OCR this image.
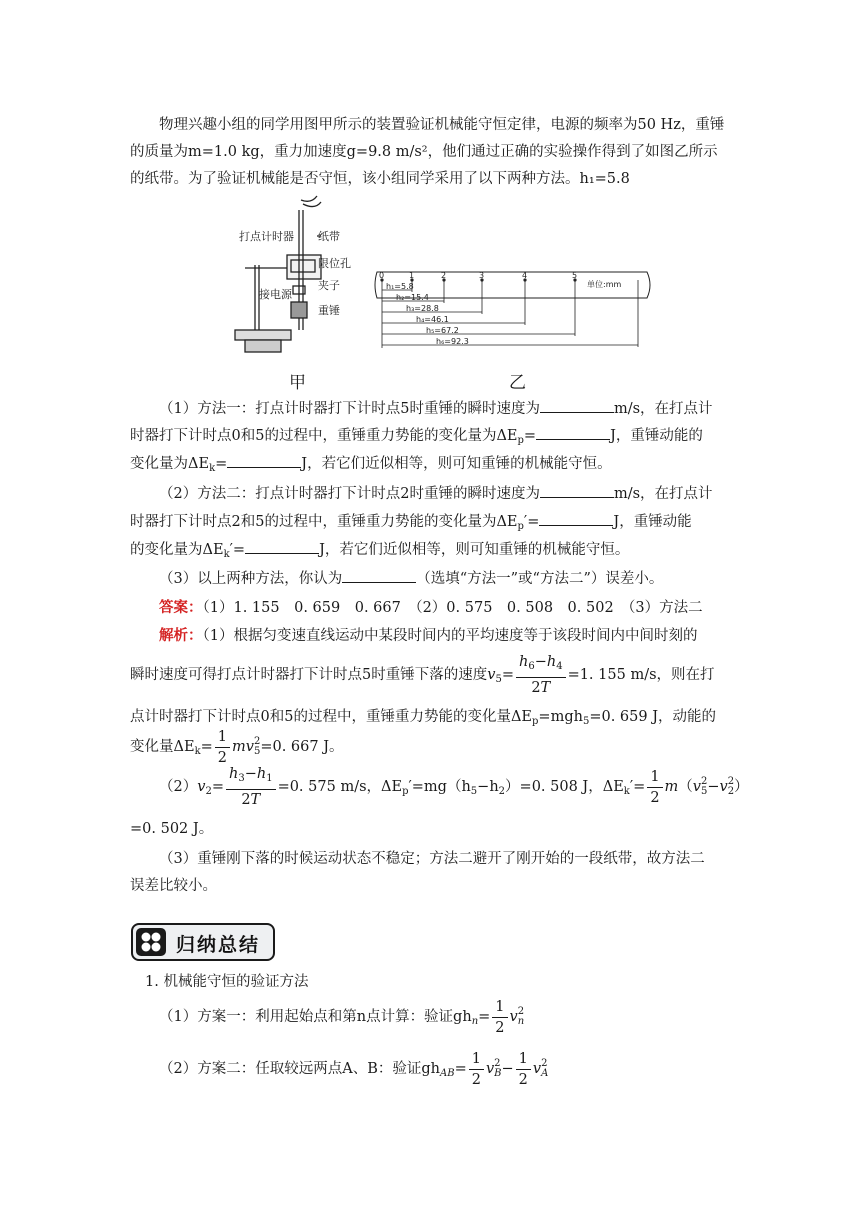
物理兴趣小组的同学用图甲所示的装置验证机械能守恒定律，电源的频率为50 Hz，重锤的质量为m=1.0 kg，重力加速度g=9.8 m/s²，他们通过正确的实验操作得到了如图乙所示的纸带。为了验证机械能是否守恒，该小组同学采用了以下两种方法。h₁=5.8
打点计时器 纸带
限位孔
接电源
夹子
重锤
0	1	2	3	4	5
h₁=5.8
h₂=15.4
h₃=28.8
h₄=46.1
h₅=67.2
h₆=92.3
单位:mm
甲	乙
（1）方法一：打点计时器打下计时点5时重锤的瞬时速度为	m/s，在打点计
时器打下计时点0和5的过程中，重锤重力势能的变化量为$\Delta E_p=$	J，重锤动能的
变化量为$\Delta E_k=$	J，若它们近似相等，则可知重锤的机械能守恒。
（2）方法二：打点计时器打下计时点2时重锤的瞬时速度为	m/s，在打点计
时器打下计时点2和5的过程中，重锤重力势能的变化量为$\Delta E_p'=$	J，重锤动能
的变化量为$\Delta E_k'=$	J，若它们近似相等，则可知重锤的机械能守恒。
（3）以上两种方法，你认为	（选填“方法一”或“方法二”）误差小。
答案：（1）1. 155　0. 659　0. 667　（2）0. 575　0. 508　0. 502　（3）方法二
解析：（1）根据匀变速直线运动中某段时间内的平均速度等于该段时间内中间时刻的
瞬时速度可得打点计时器打下计时点5时重锤下落的速度$v_5= \frac{h_6-h_4}{2T} =1$. 155 m/s，则在打
点计时器打下计时点0和5的过程中，重锤重力势能的变化量$\Delta E_p=mgh_5=0$. 659 J，动能的
变化量$\Delta E_k= \frac{1}{2}$ mv 2
5 =0. 667 J。
$(2)v_2= \frac{h_3-h_1}{2T} =0$. 575 m/s，$\Delta E_p'=mg(h_5-h_2)=0$. 508 J，$\Delta E_k'= \frac{1}{2} m(v$ 2
5 −v 2
2 ）
=0. 502 J。
（3）重锤刚下落的时候运动状态不稳定；方法二避开了刚开始的一段纸带，故方法二
误差比较小。
归纳总结
1. 机械能守恒的验证方法
（1）方案一：利用起始点和第n点计算：验证$gh_n= \frac{1}{2}$ v 2
n
（2）方案二：任取较远两点A、B：验证$gh_{AB}= \frac{1}{2}$ v 2
$B - \frac{1}{2}$ v 2
A
